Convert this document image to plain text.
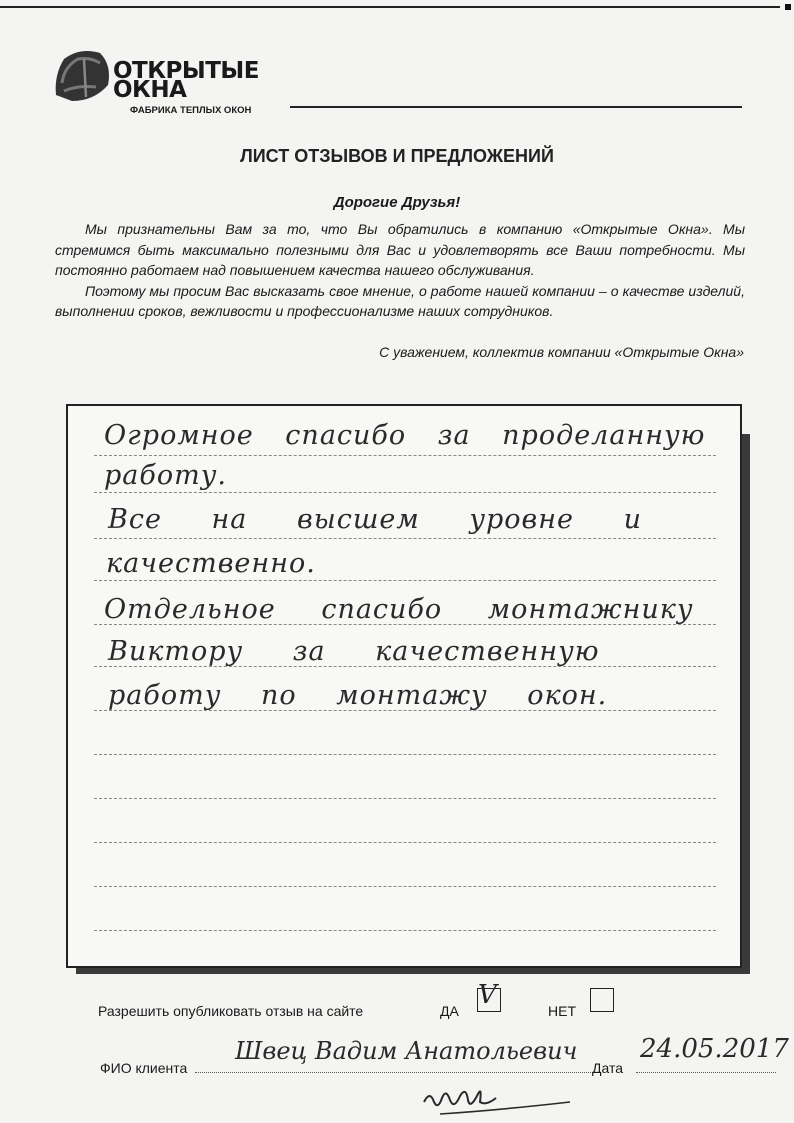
ОТКРЫТЫЕ ОКНА
ФАБРИКА ТЕПЛЫХ ОКОН
ЛИСТ ОТЗЫВОВ И ПРЕДЛОЖЕНИЙ
Дорогие Друзья!

Мы признательны Вам за то, что Вы обратились в компанию «Открытые Окна». Мы стремимся быть максимально полезными для Вас и удовлетворять все Ваши потребности. Мы постоянно работаем над повышением качества нашего обслуживания.

Поэтому мы просим Вас высказать свое мнение, о работе нашей компании – о качестве изделий, выполнении сроков, вежливости и профессионализме наших сотрудников.

С уважением, коллектив компании «Открытые Окна»
Огромное спасибо за проделанную
работу.
Все на высшем уровне и
качественно.
Отдельное спасибо монтажнику
Виктору за качественную
работу по монтажу окон.
Разрешить опубликовать отзыв на сайте	ДА
V
НЕТ
ФИО клиента
Швец Вадим Анатольевич
Дата
24.05.2017
